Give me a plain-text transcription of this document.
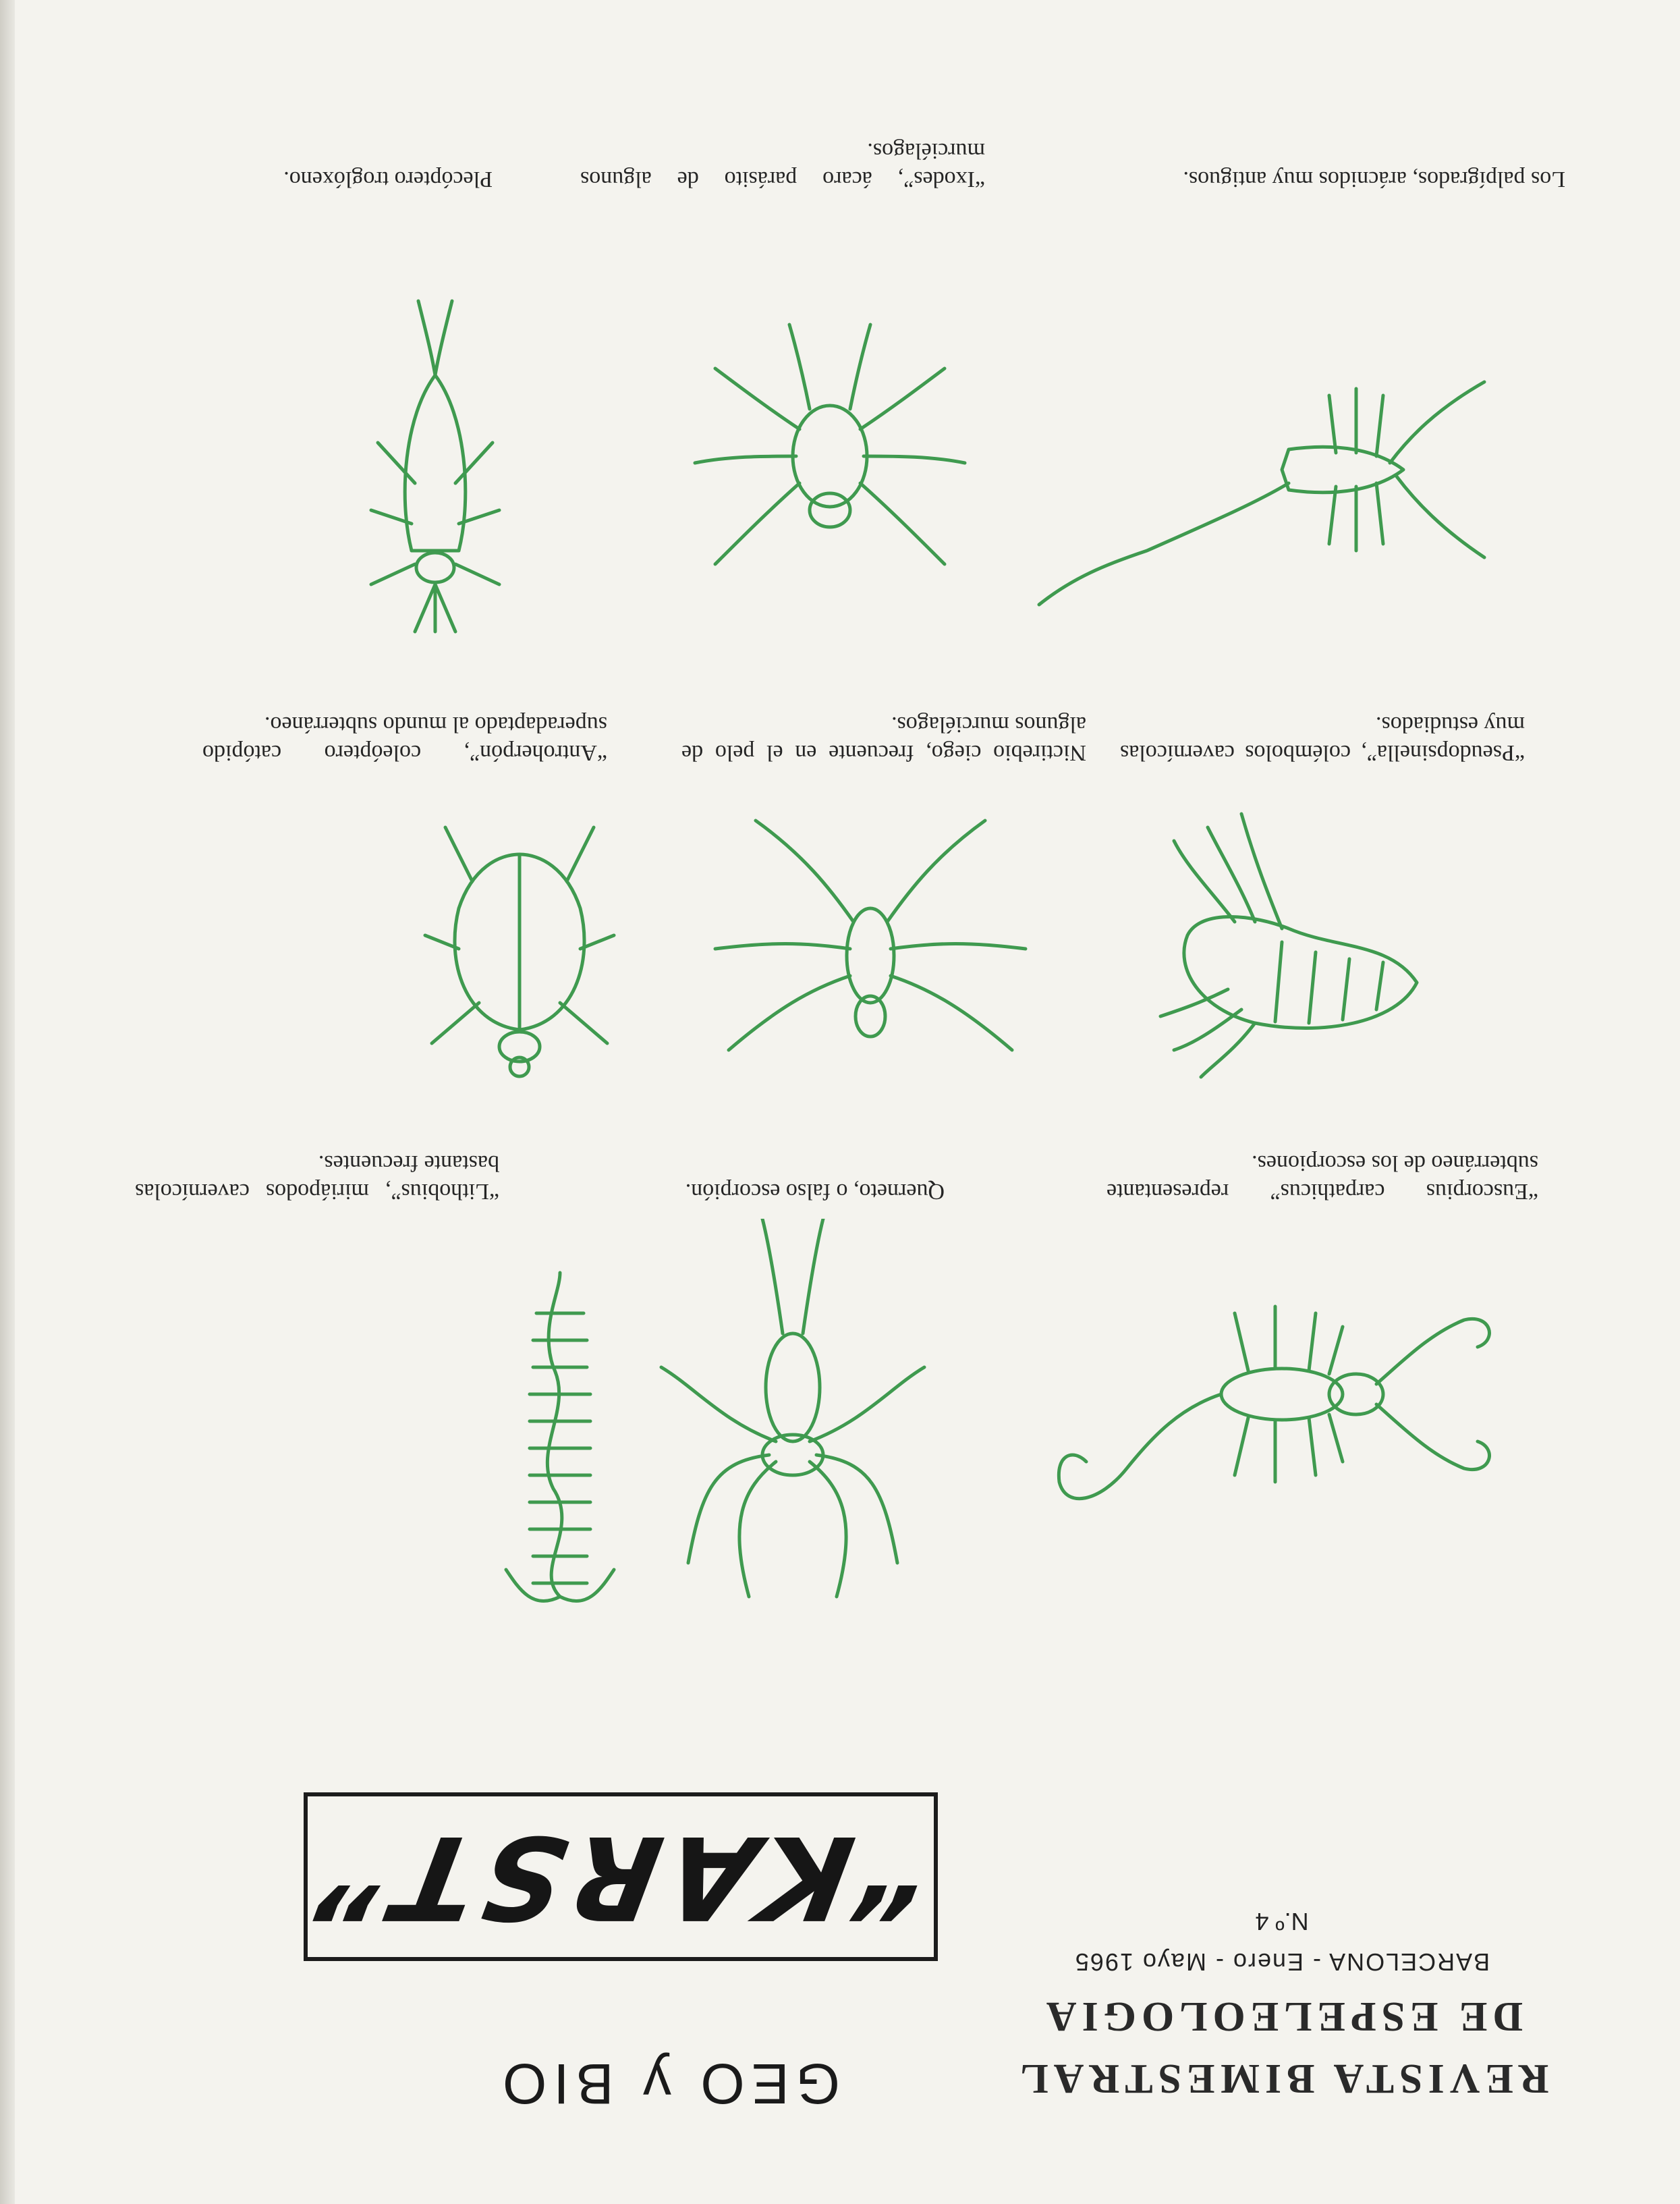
REVISTA BIMESTRAL
DE ESPELEOLOGIA
BARCELONA - Enero - Mayo 1965
N.º 4
GEO y BIO
“KARST”
“Euscorpius carpathicus” representante subterráneo de los escorpiones.
Querneto, o falso escorpión.
“Lithobius”, miriápodos cavernícolas bastante frecuentes.
“Pseudopsinella”, colémbolos cavernícolas muy estudiados.
Nictirebio ciego, frecuente en el pelo de algunos murciélagos.
“Antroherpón”, coleóptero catópido superadaptado al mundo subterráneo.
Los palpígrados, arácnidos muy antiguos.
“Ixodes”, ácaro parásito de algunos murciélagos.
Plecóptero troglóxeno.
